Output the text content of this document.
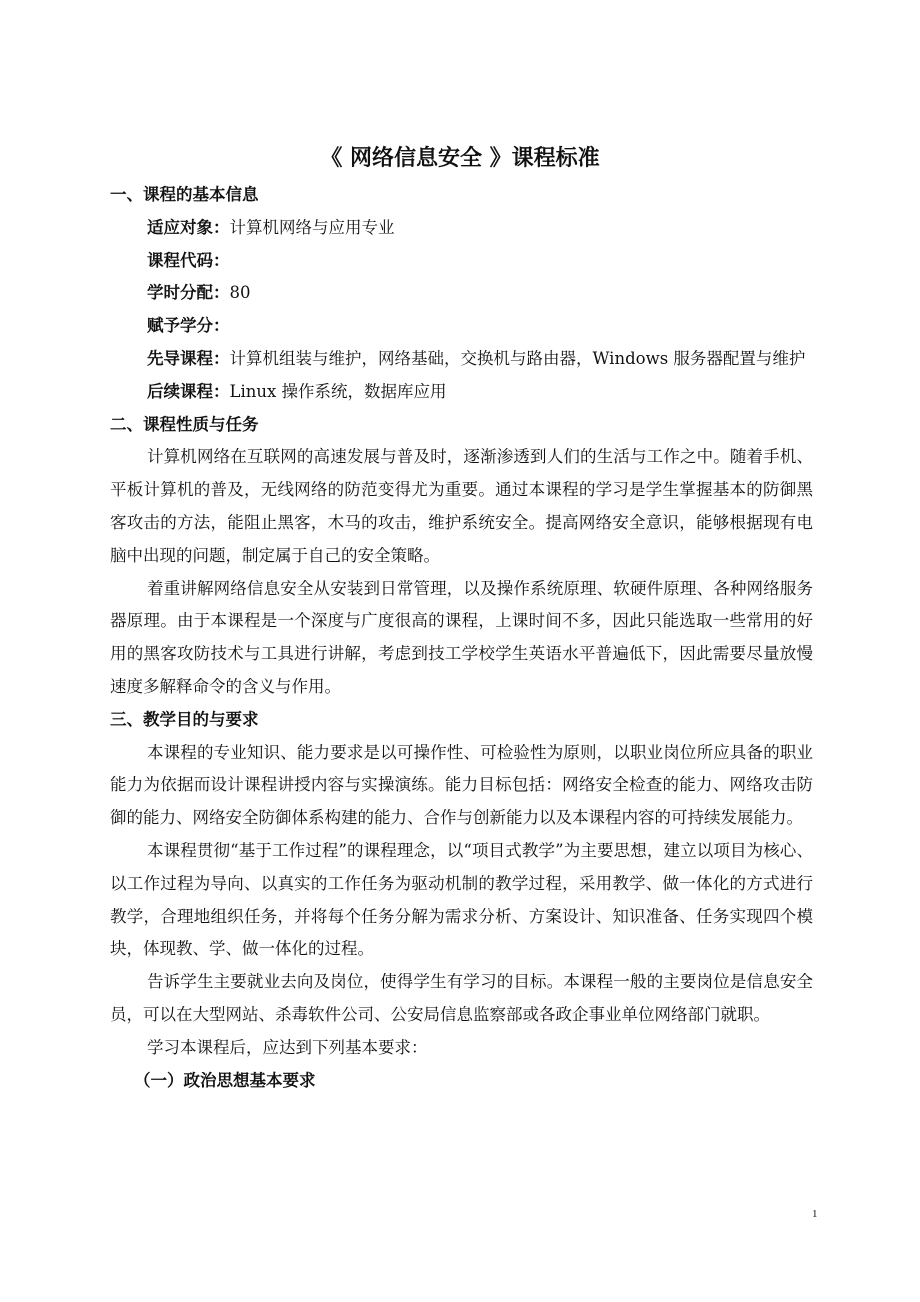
《 网络信息安全 》课程标准
一、课程的基本信息
适应对象：计算机网络与应用专业
课程代码：
学时分配：80
赋予学分：

先导课程：计算机组装与维护，网络基础，交换机与路由器，Windows 服务器配置与维护

后续课程：Linux 操作系统，数据库应用
二、课程性质与任务

计算机网络在互联网的高速发展与普及时，逐渐渗透到人们的生活与工作之中。随着手机、平板计算机的普及，无线网络的防范变得尤为重要。通过本课程的学习是学生掌握基本的防御黑客攻击的方法，能阻止黑客，木马的攻击，维护系统安全。提高网络安全意识，能够根据现有电脑中出现的问题，制定属于自己的安全策略。

着重讲解网络信息安全从安装到日常管理，以及操作系统原理、软硬件原理、各种网络服务器原理。由于本课程是一个深度与广度很高的课程，上课时间不多，因此只能选取一些常用的好用的黑客攻防技术与工具进行讲解，考虑到技工学校学生英语水平普遍低下，因此需要尽量放慢速度多解释命令的含义与作用。

三、教学目的与要求

本课程的专业知识、能力要求是以可操作性、可检验性为原则，以职业岗位所应具备的职业能力为依据而设计课程讲授内容与实操演练。能力目标包括：网络安全检查的能力、网络攻击防御的能力、网络安全防御体系构建的能力、合作与创新能力以及本课程内容的可持续发展能力。

本课程贯彻“基于工作过程”的课程理念，以“项目式教学”为主要思想，建立以项目为核心、以工作过程为导向、以真实的工作任务为驱动机制的教学过程，采用教学、做一体化的方式进行教学，合理地组织任务，并将每个任务分解为需求分析、方案设计、知识准备、任务实现四个模块，体现教、学、做一体化的过程。

告诉学生主要就业去向及岗位，使得学生有学习的目标。本课程一般的主要岗位是信息安全员，可以在大型网站、杀毒软件公司、公安局信息监察部或各政企事业单位网络部门就职。

学习本课程后，应达到下列基本要求：

（一）政治思想基本要求
1
